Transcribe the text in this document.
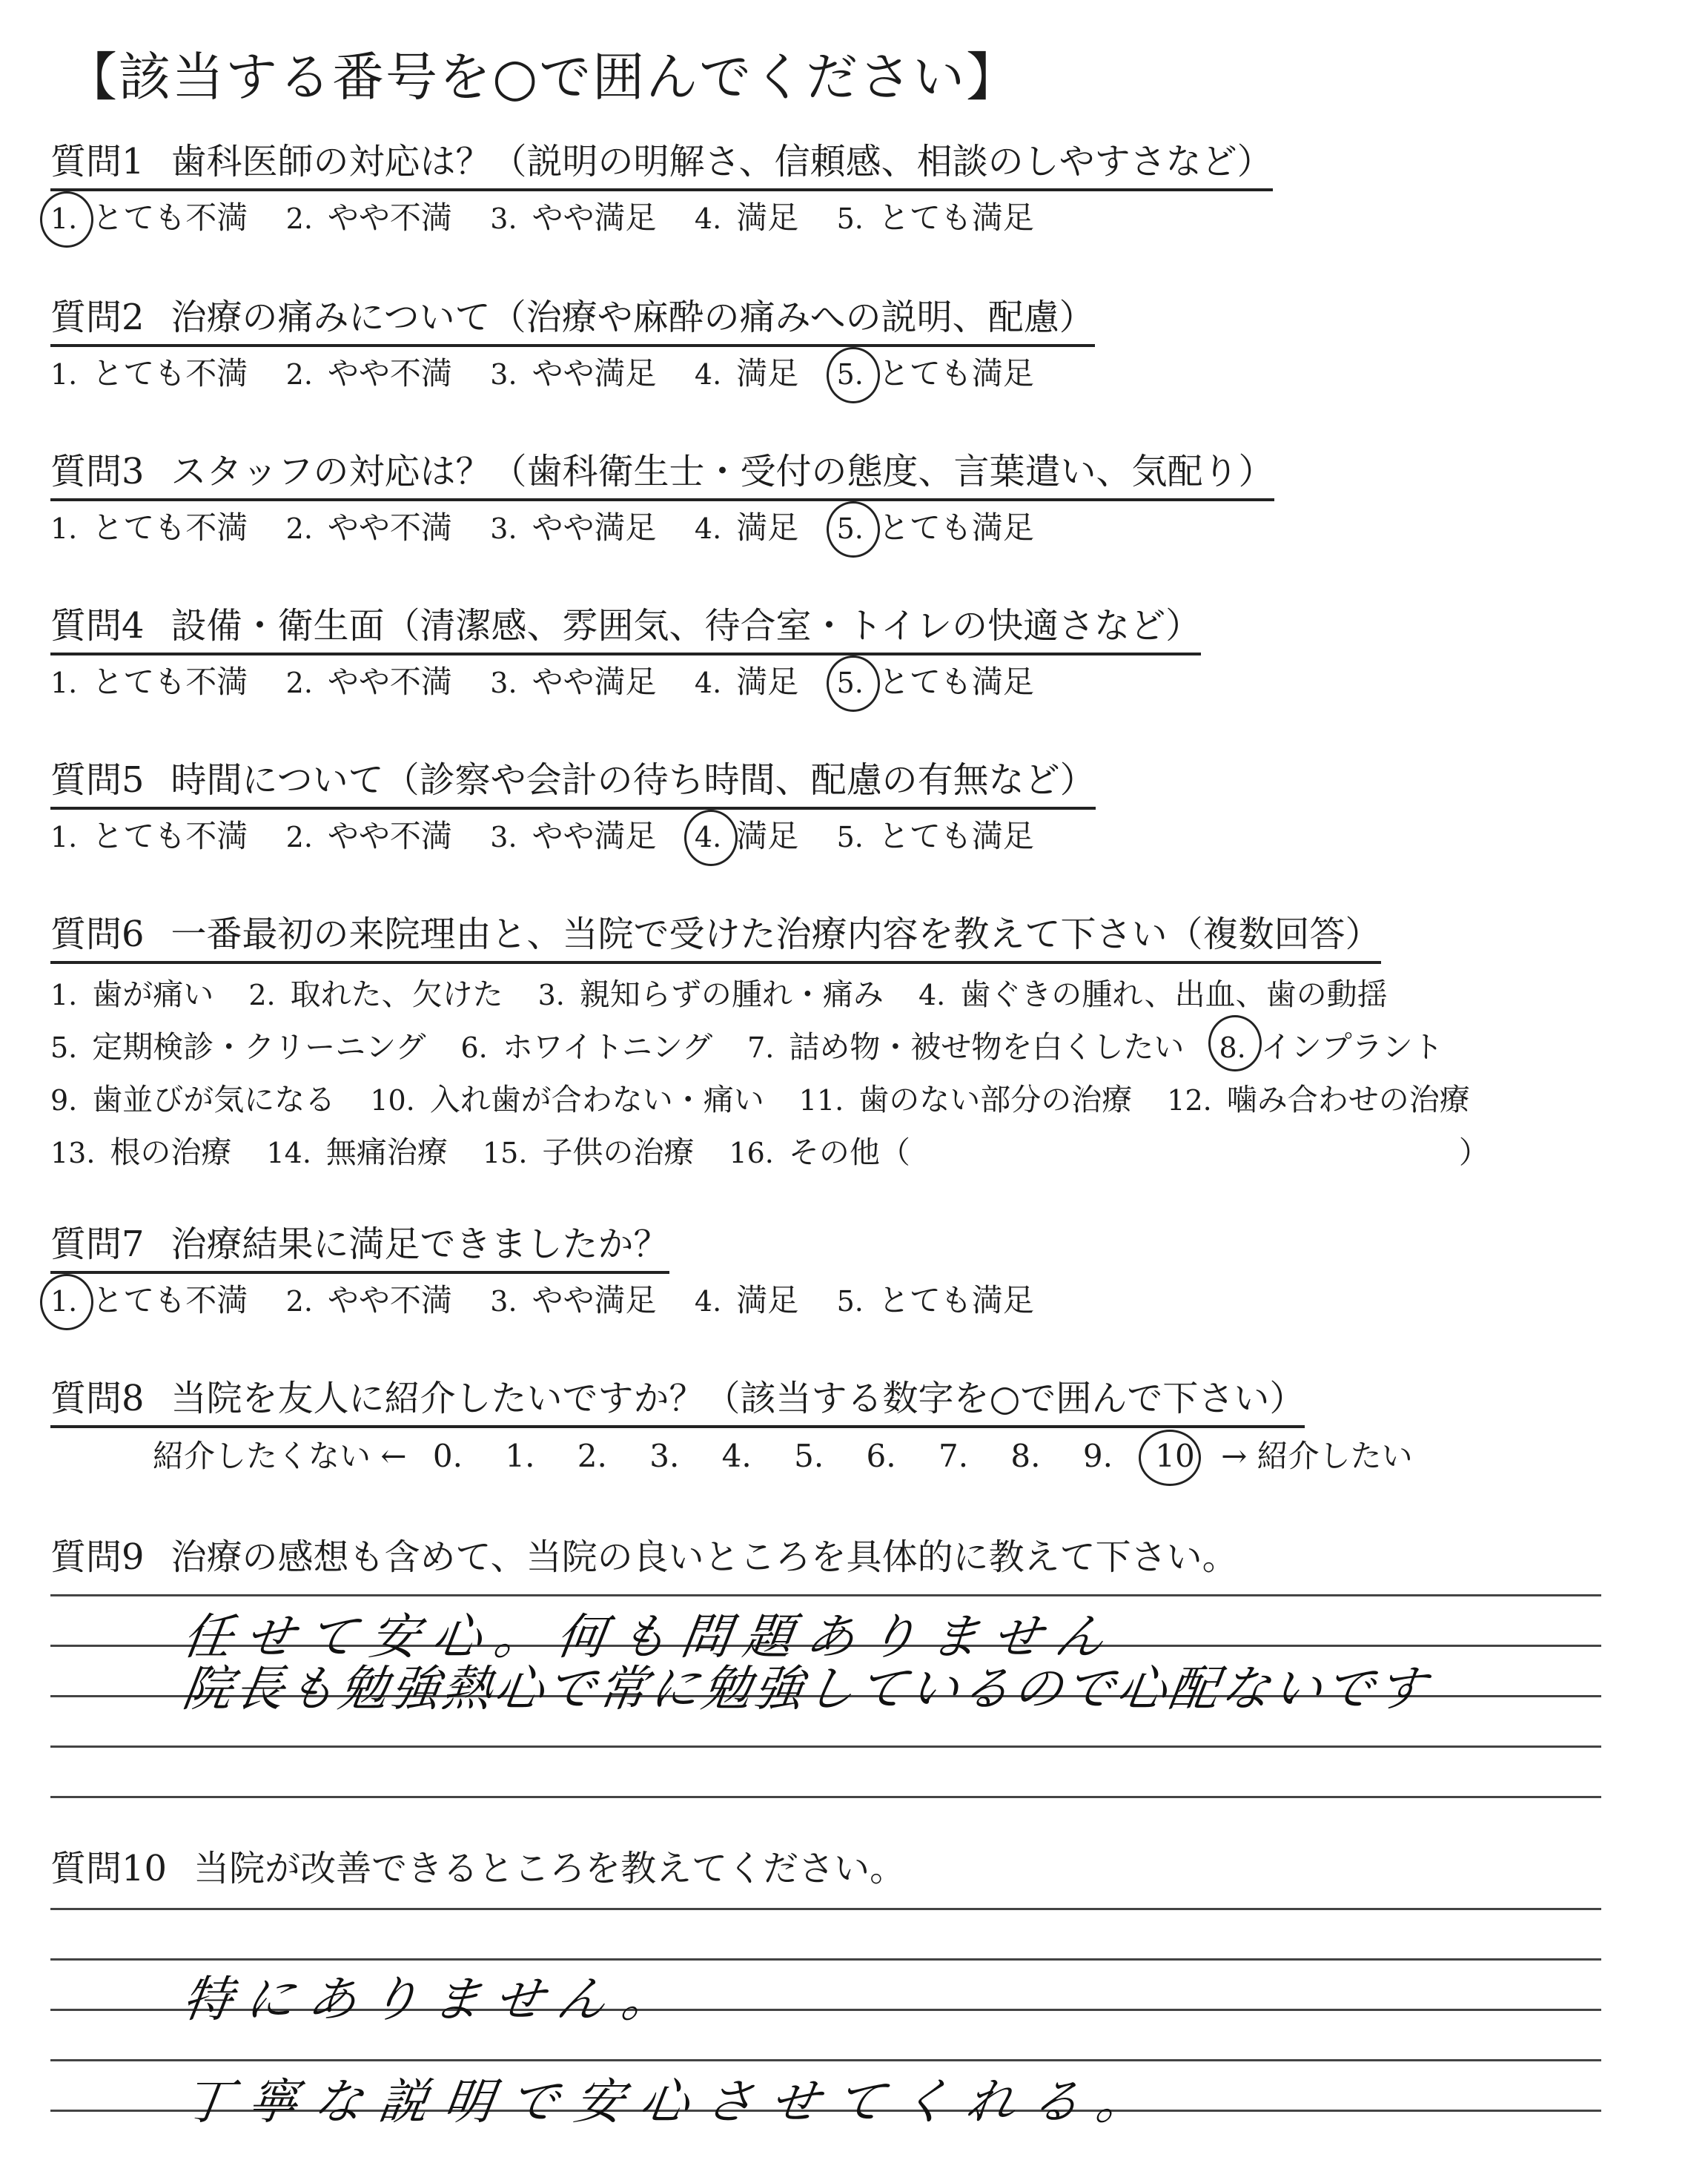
【該当する番号を○で囲んでください】
質問1 歯科医師の対応は？（説明の明解さ、信頼感、相談のしやすさなど）
1. とても不満 2. やや不満 3. やや満足 4. 満足 5. とても満足
質問2 治療の痛みについて（治療や麻酔の痛みへの説明、配慮）
1. とても不満 2. やや不満 3. やや満足 4. 満足 5. とても満足
質問3 スタッフの対応は？（歯科衛生士・受付の態度、言葉遣い、気配り）
1. とても不満 2. やや不満 3. やや満足 4. 満足 5. とても満足
質問4 設備・衛生面（清潔感、雰囲気、待合室・トイレの快適さなど）
1. とても不満 2. やや不満 3. やや満足 4. 満足 5. とても満足
質問5 時間について（診察や会計の待ち時間、配慮の有無など）
1. とても不満 2. やや不満 3. やや満足 4. 満足 5. とても満足
質問6 一番最初の来院理由と、当院で受けた治療内容を教えて下さい（複数回答）
1. 歯が痛い 2. 取れた、欠けた 3. 親知らずの腫れ・痛み 4. 歯ぐきの腫れ、出血、歯の動揺
5. 定期検診・クリーニング 6. ホワイトニング 7. 詰め物・被せ物を白くしたい 8. インプラント
9. 歯並びが気になる 10. 入れ歯が合わない・痛い 11. 歯のない部分の治療 12. 噛み合わせの治療
13. 根の治療 14. 無痛治療 15. 子供の治療 16. その他（	）
質問7 治療結果に満足できましたか？
1. とても不満 2. やや不満 3. やや満足 4. 満足 5. とても満足
質問8 当院を友人に紹介したいですか？（該当する数字を○で囲んで下さい）
紹介したくない ← 0. 1. 2. 3. 4. 5. 6. 7. 8. 9. 10 → 紹介したい
質問9 治療の感想も含めて、当院の良いところを具体的に教えて下さい。
任せて安心。何も問題ありません
院長も勉強熱心で常に勉強しているので心配ないです
質問10 当院が改善できるところを教えてください。
特にありません。
丁寧な説明で安心させてくれる。
